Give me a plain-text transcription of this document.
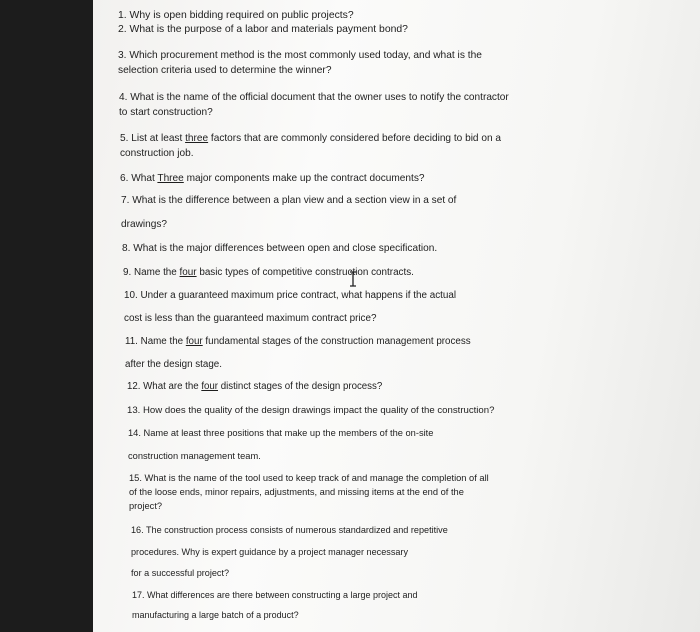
1. Why is open bidding required on public projects?

2. What is the purpose of a labor and materials payment bond?

3. Which procurement method is the most commonly used today, and what is the

selection criteria used to determine the winner?

4. What is the name of the official document that the owner uses to notify the contractor

to start construction?

5. List at least three factors that are commonly considered before deciding to bid on a

construction job.

6. What Three major components make up the contract documents?

7. What is the difference between a plan view and a section view in a set of

drawings?

8. What is the major differences between open and close specification.

9. Name the four basic types of competitive construction contracts.

10. Under a guaranteed maximum price contract, what happens if the actual

cost is less than the guaranteed maximum contract price?

11. Name the four fundamental stages of the construction management process

after the design stage.

12. What are the four distinct stages of the design process?

13. How does the quality of the design drawings impact the quality of the construction?

14. Name at least three positions that make up the members of the on-site

construction management team.

15. What is the name of the tool used to keep track of and manage the completion of all

of the loose ends, minor repairs, adjustments, and missing items at the end of the

project?

16. The construction process consists of numerous standardized and repetitive

procedures. Why is expert guidance by a project manager necessary

for a successful project?

17. What differences are there between constructing a large project and

manufacturing a large batch of a product?
